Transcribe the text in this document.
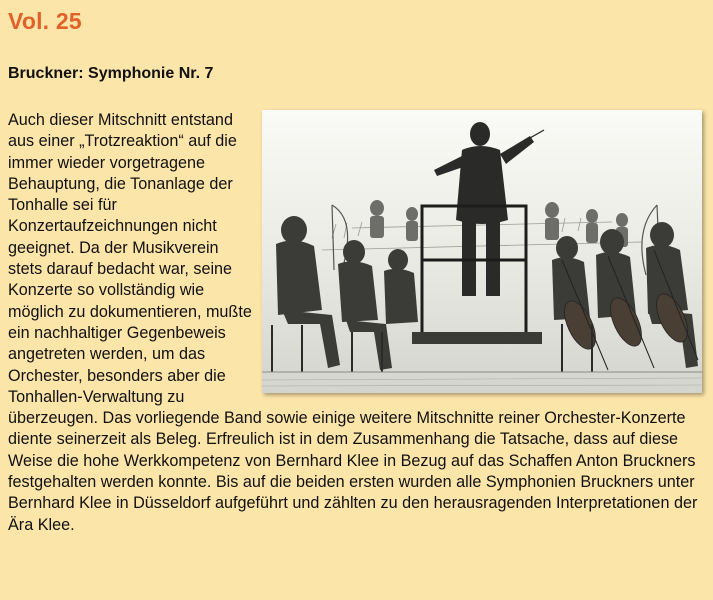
Vol. 25
Bruckner: Symphonie Nr. 7
Auch dieser Mitschnitt entstand aus einer „Trotzreaktion“ auf die immer wieder vorgetragene Behauptung, die Tonanlage der Tonhalle sei für Konzertaufzeichnungen nicht geeignet. Da der Musikverein stets darauf bedacht war, seine Konzerte so vollständig wie möglich zu dokumentieren, mußte ein nachhaltiger Gegenbeweis angetreten werden, um das Orchester, besonders aber die Tonhallen-Verwaltung zu überzeugen. Das vorliegende Band sowie einige weitere Mitschnitte reiner Orchester-Konzerte diente seinerzeit als Beleg. Erfreulich ist in dem Zusammenhang die Tatsache, dass auf diese Weise die hohe Werkkompetenz von Bernhard Klee in Bezug auf das Schaffen Anton Bruckners festgehalten werden konnte. Bis auf die beiden ersten wurden alle Symphonien Bruckners unter Bernhard Klee in Düsseldorf aufgeführt und zählten zu den herausragenden Interpretationen der Ära Klee.
